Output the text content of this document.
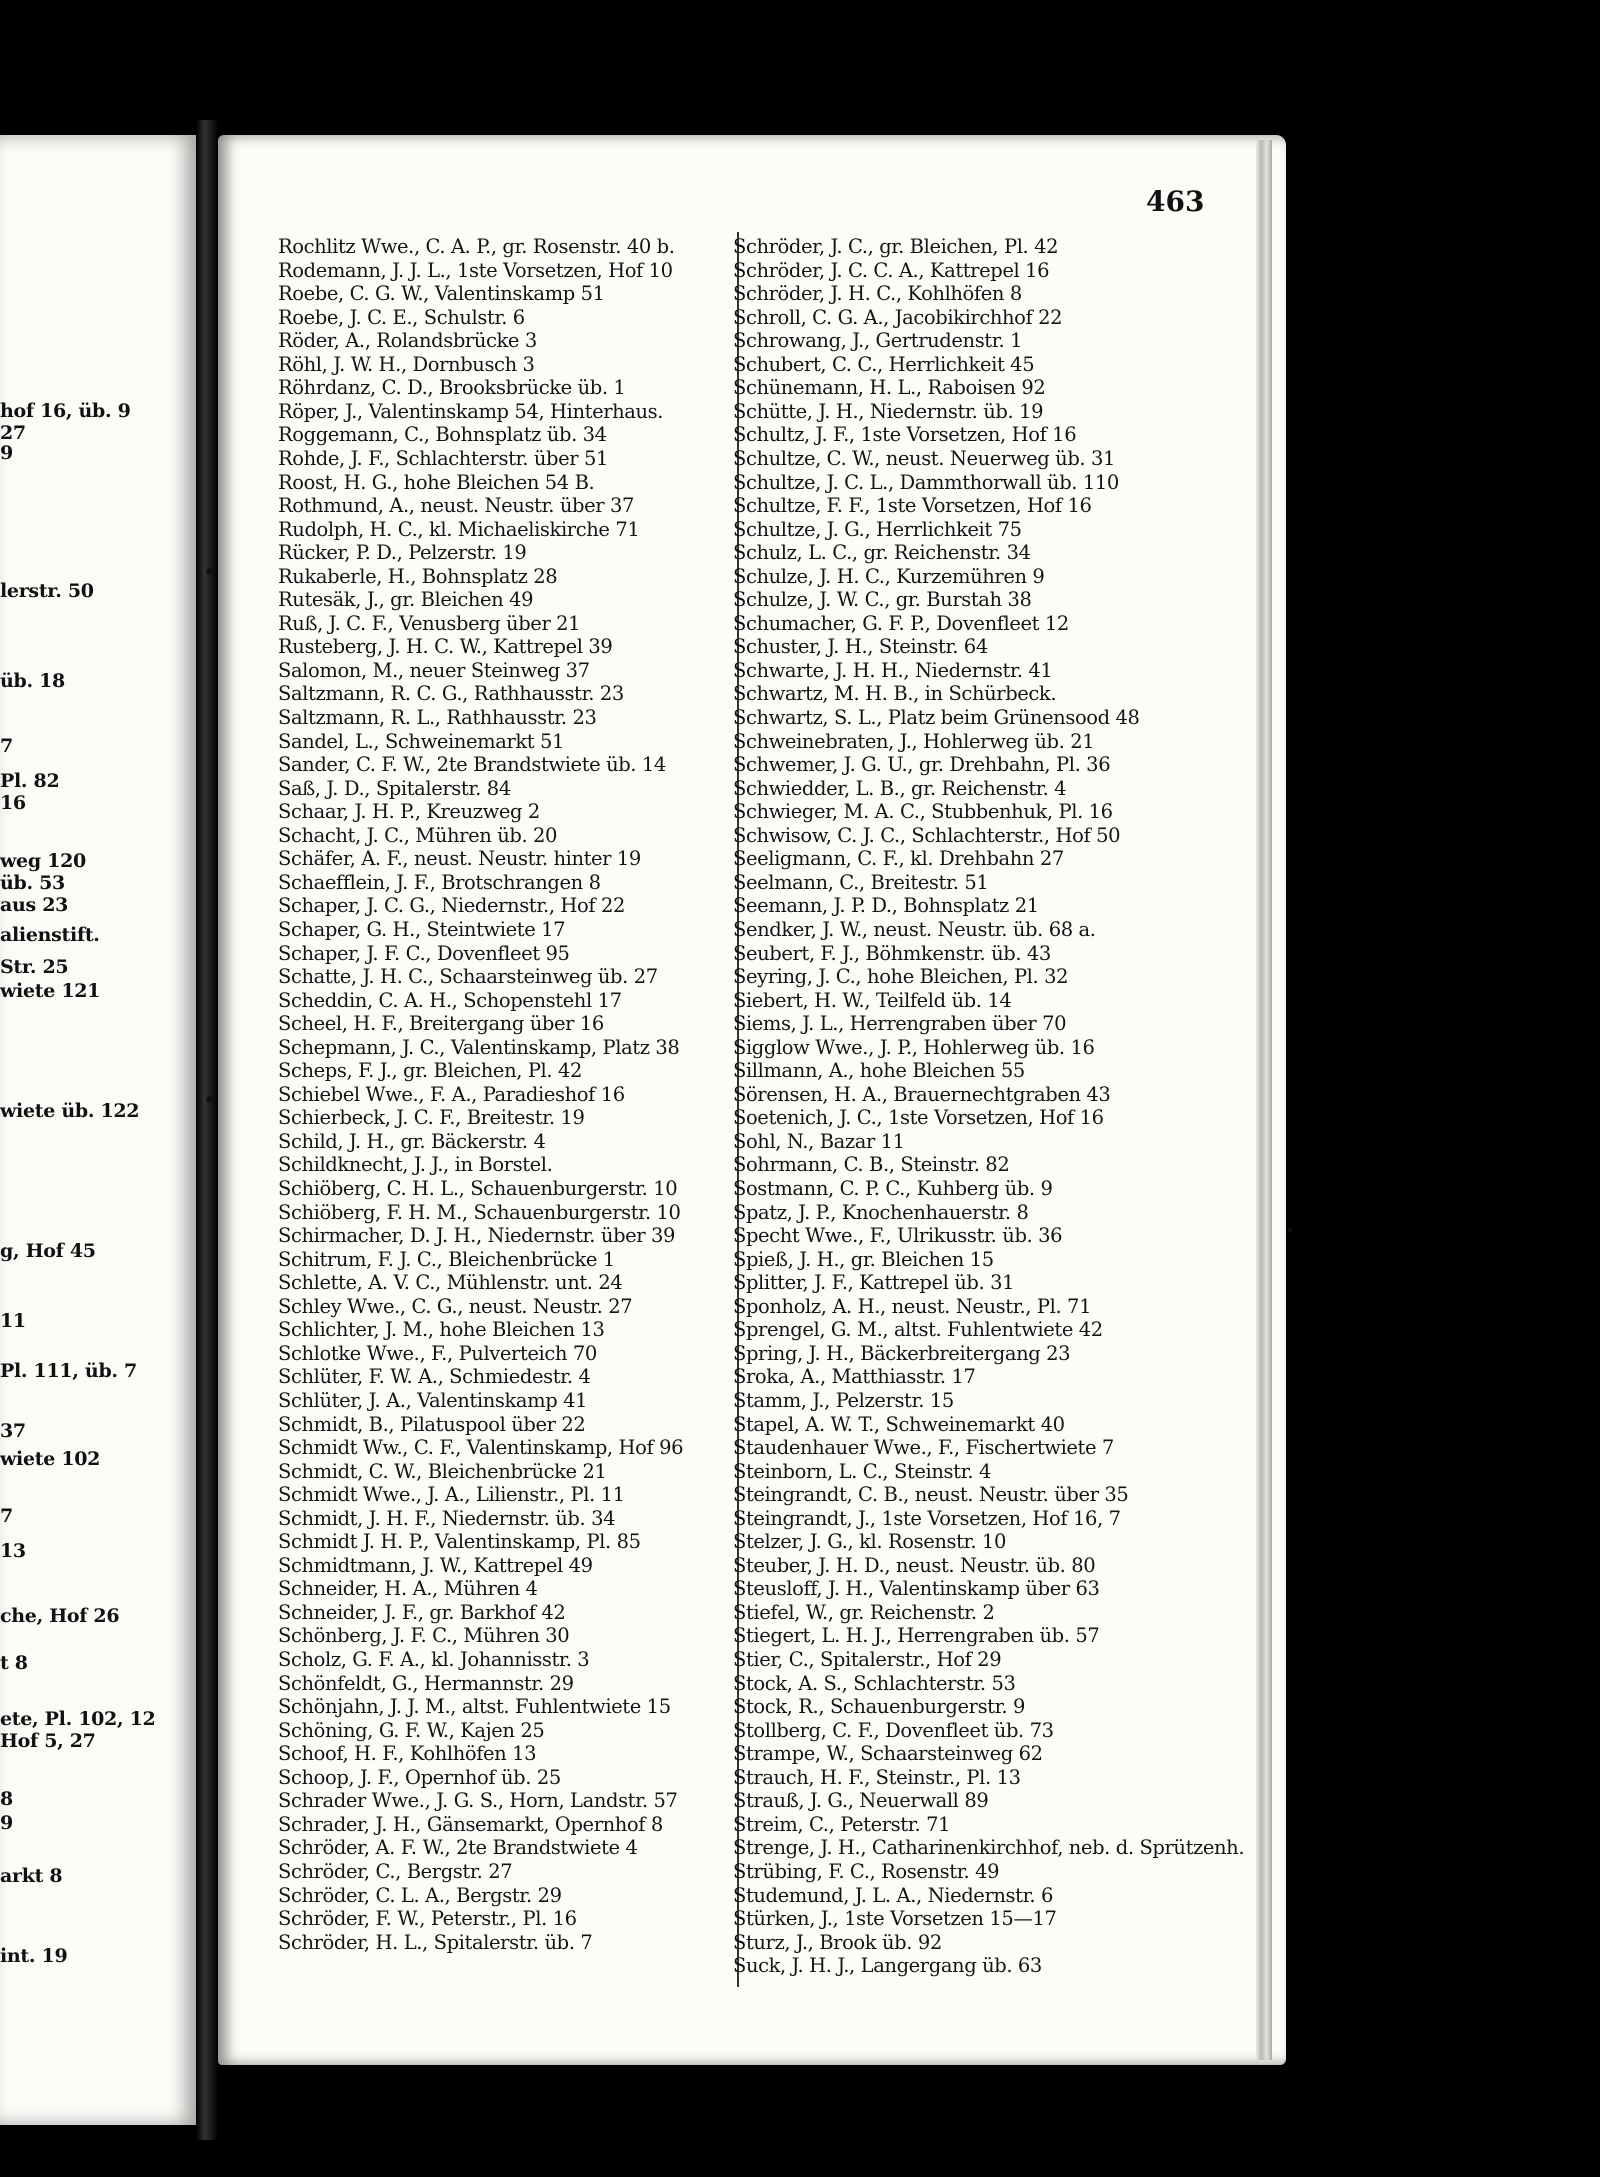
hof 16, üb. 9
27
9
lerstr. 50
üb. 18
7
Pl. 82
16
weg 120
üb. 53
aus 23
alienstift.
Str. 25
wiete 121
wiete üb. 122
g, Hof 45
11
Pl. 111, üb. 7
37
wiete 102
7
13
che, Hof 26
t 8
ete, Pl. 102, 12
Hof 5, 27
8
9
arkt 8
int. 19
463
Rochlitz Wwe., C. A. P., gr. Rosenstr. 40 b.
Rodemann, J. J. L., 1ste Vorsetzen, Hof 10
Roebe, C. G. W., Valentinskamp 51
Roebe, J. C. E., Schulstr. 6
Röder, A., Rolandsbrücke 3
Röhl, J. W. H., Dornbusch 3
Röhrdanz, C. D., Brooksbrücke üb. 1
Röper, J., Valentinskamp 54, Hinterhaus.
Roggemann, C., Bohnsplatz üb. 34
Rohde, J. F., Schlachterstr. über 51
Roost, H. G., hohe Bleichen 54 B.
Rothmund, A., neust. Neustr. über 37
Rudolph, H. C., kl. Michaeliskirche 71
Rücker, P. D., Pelzerstr. 19
Rukaberle, H., Bohnsplatz 28
Rutesäk, J., gr. Bleichen 49
Ruß, J. C. F., Venusberg über 21
Rusteberg, J. H. C. W., Kattrepel 39
Salomon, M., neuer Steinweg 37
Saltzmann, R. C. G., Rathhausstr. 23
Saltzmann, R. L., Rathhausstr. 23
Sandel, L., Schweinemarkt 51
Sander, C. F. W., 2te Brandstwiete üb. 14
Saß, J. D., Spitalerstr. 84
Schaar, J. H. P., Kreuzweg 2
Schacht, J. C., Mühren üb. 20
Schäfer, A. F., neust. Neustr. hinter 19
Schaefflein, J. F., Brotschrangen 8
Schaper, J. C. G., Niedernstr., Hof 22
Schaper, G. H., Steintwiete 17
Schaper, J. F. C., Dovenfleet 95
Schatte, J. H. C., Schaarsteinweg üb. 27
Scheddin, C. A. H., Schopenstehl 17
Scheel, H. F., Breitergang über 16
Schepmann, J. C., Valentinskamp, Platz 38
Scheps, F. J., gr. Bleichen, Pl. 42
Schiebel Wwe., F. A., Paradieshof 16
Schierbeck, J. C. F., Breitestr. 19
Schild, J. H., gr. Bäckerstr. 4
Schildknecht, J. J., in Borstel.
Schiöberg, C. H. L., Schauenburgerstr. 10
Schiöberg, F. H. M., Schauenburgerstr. 10
Schirmacher, D. J. H., Niedernstr. über 39
Schitrum, F. J. C., Bleichenbrücke 1
Schlette, A. V. C., Mühlenstr. unt. 24
Schley Wwe., C. G., neust. Neustr. 27
Schlichter, J. M., hohe Bleichen 13
Schlotke Wwe., F., Pulverteich 70
Schlüter, F. W. A., Schmiedestr. 4
Schlüter, J. A., Valentinskamp 41
Schmidt, B., Pilatuspool über 22
Schmidt Ww., C. F., Valentinskamp, Hof 96
Schmidt, C. W., Bleichenbrücke 21
Schmidt Wwe., J. A., Lilienstr., Pl. 11
Schmidt, J. H. F., Niedernstr. üb. 34
Schmidt J. H. P., Valentinskamp, Pl. 85
Schmidtmann, J. W., Kattrepel 49
Schneider, H. A., Mühren 4
Schneider, J. F., gr. Barkhof 42
Schönberg, J. F. C., Mühren 30
Scholz, G. F. A., kl. Johannisstr. 3
Schönfeldt, G., Hermannstr. 29
Schönjahn, J. J. M., altst. Fuhlentwiete 15
Schöning, G. F. W., Kajen 25
Schoof, H. F., Kohlhöfen 13
Schoop, J. F., Opernhof üb. 25
Schrader Wwe., J. G. S., Horn, Landstr. 57
Schrader, J. H., Gänsemarkt, Opernhof 8
Schröder, A. F. W., 2te Brandstwiete 4
Schröder, C., Bergstr. 27
Schröder, C. L. A., Bergstr. 29
Schröder, F. W., Peterstr., Pl. 16
Schröder, H. L., Spitalerstr. üb. 7
Schröder, J. C., gr. Bleichen, Pl. 42
Schröder, J. C. C. A., Kattrepel 16
Schröder, J. H. C., Kohlhöfen 8
Schroll, C. G. A., Jacobikirchhof 22
Schrowang, J., Gertrudenstr. 1
Schubert, C. C., Herrlichkeit 45
Schünemann, H. L., Raboisen 92
Schütte, J. H., Niedernstr. üb. 19
Schultz, J. F., 1ste Vorsetzen, Hof 16
Schultze, C. W., neust. Neuerweg üb. 31
Schultze, J. C. L., Dammthorwall üb. 110
Schultze, F. F., 1ste Vorsetzen, Hof 16
Schultze, J. G., Herrlichkeit 75
Schulz, L. C., gr. Reichenstr. 34
Schulze, J. H. C., Kurzemühren 9
Schulze, J. W. C., gr. Burstah 38
Schumacher, G. F. P., Dovenfleet 12
Schuster, J. H., Steinstr. 64
Schwarte, J. H. H., Niedernstr. 41
Schwartz, M. H. B., in Schürbeck.
Schwartz, S. L., Platz beim Grünensood 48
Schweinebraten, J., Hohlerweg üb. 21
Schwemer, J. G. U., gr. Drehbahn, Pl. 36
Schwiedder, L. B., gr. Reichenstr. 4
Schwieger, M. A. C., Stubbenhuk, Pl. 16
Schwisow, C. J. C., Schlachterstr., Hof 50
Seeligmann, C. F., kl. Drehbahn 27
Seelmann, C., Breitestr. 51
Seemann, J. P. D., Bohnsplatz 21
Sendker, J. W., neust. Neustr. üb. 68 a.
Seubert, F. J., Böhmkenstr. üb. 43
Seyring, J. C., hohe Bleichen, Pl. 32
Siebert, H. W., Teilfeld üb. 14
Siems, J. L., Herrengraben über 70
Sigglow Wwe., J. P., Hohlerweg üb. 16
Sillmann, A., hohe Bleichen 55
Sörensen, H. A., Brauernechtgraben 43
Soetenich, J. C., 1ste Vorsetzen, Hof 16
Sohl, N., Bazar 11
Sohrmann, C. B., Steinstr. 82
Sostmann, C. P. C., Kuhberg üb. 9
Spatz, J. P., Knochenhauerstr. 8
Specht Wwe., F., Ulrikusstr. üb. 36
Spieß, J. H., gr. Bleichen 15
Splitter, J. F., Kattrepel üb. 31
Sponholz, A. H., neust. Neustr., Pl. 71
Sprengel, G. M., altst. Fuhlentwiete 42
Spring, J. H., Bäckerbreitergang 23
Sroka, A., Matthiasstr. 17
Stamm, J., Pelzerstr. 15
Stapel, A. W. T., Schweinemarkt 40
Staudenhauer Wwe., F., Fischertwiete 7
Steinborn, L. C., Steinstr. 4
Steingrandt, C. B., neust. Neustr. über 35
Steingrandt, J., 1ste Vorsetzen, Hof 16, 7
Stelzer, J. G., kl. Rosenstr. 10
Steuber, J. H. D., neust. Neustr. üb. 80
Steusloff, J. H., Valentinskamp über 63
Stiefel, W., gr. Reichenstr. 2
Stiegert, L. H. J., Herrengraben üb. 57
Stier, C., Spitalerstr., Hof 29
Stock, A. S., Schlachterstr. 53
Stock, R., Schauenburgerstr. 9
Stollberg, C. F., Dovenfleet üb. 73
Strampe, W., Schaarsteinweg 62
Strauch, H. F., Steinstr., Pl. 13
Strauß, J. G., Neuerwall 89
Streim, C., Peterstr. 71
Strenge, J. H., Catharinenkirchhof, neb. d. Sprützenh.
Strübing, F. C., Rosenstr. 49
Studemund, J. L. A., Niedernstr. 6
Stürken, J., 1ste Vorsetzen 15—17
Sturz, J., Brook üb. 92
Suck, J. H. J., Langergang üb. 63
